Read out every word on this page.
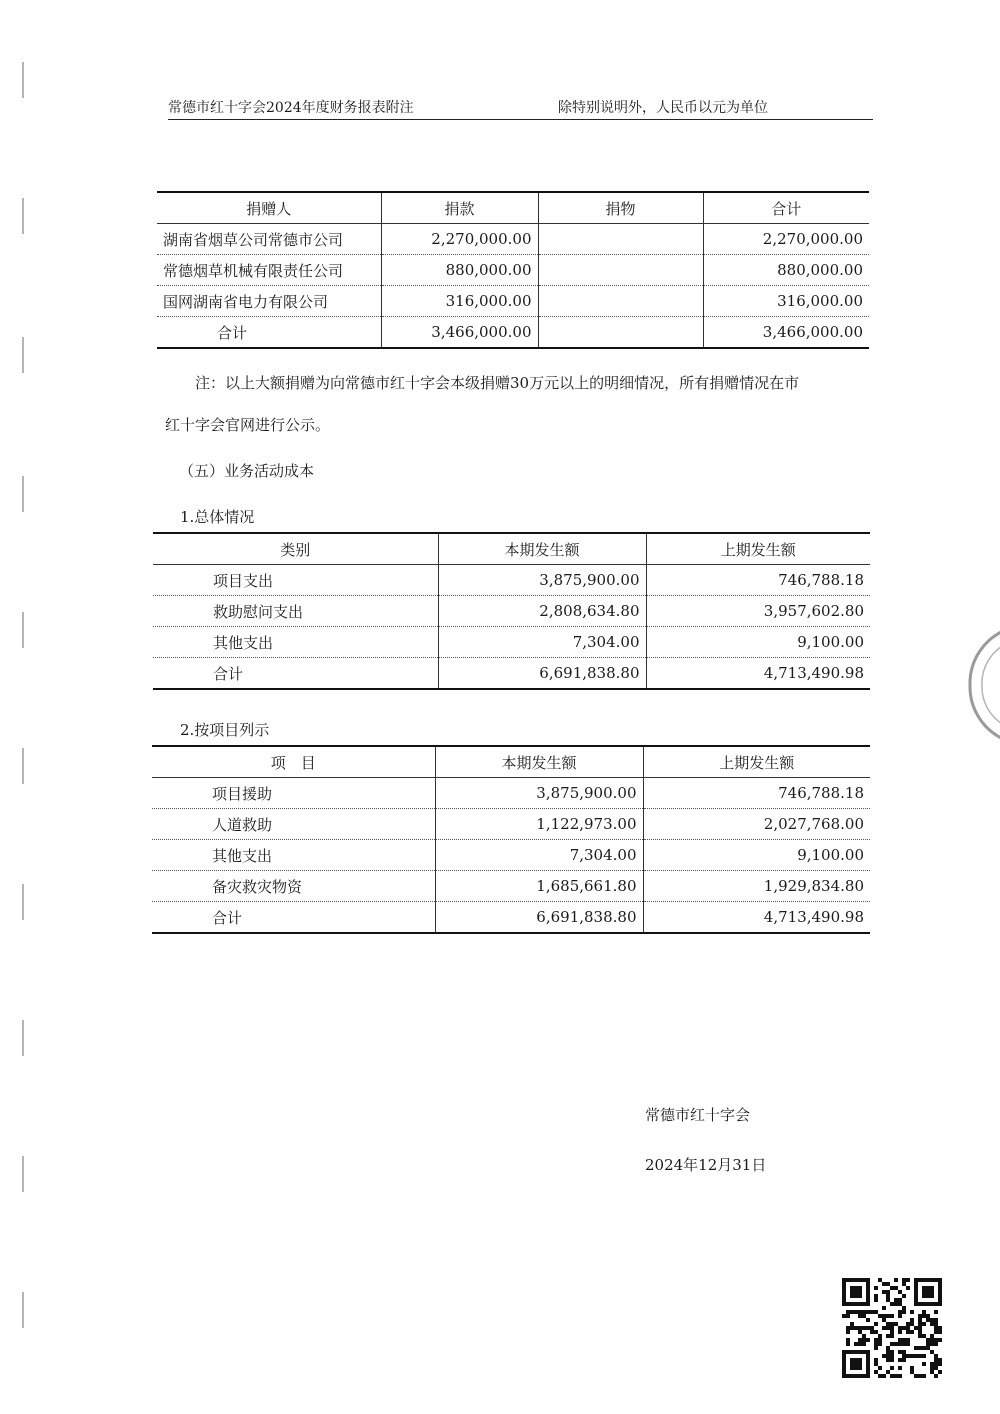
常德市红十字会2024年度财务报表附注	除特别说明外，人民币以元为单位
捐赠人	捐款	捐物	合计
湖南省烟草公司常德市公司	2,270,000.00		2,270,000.00
常德烟草机械有限责任公司	880,000.00		880,000.00
国网湖南省电力有限公司	316,000.00		316,000.00
合计	3,466,000.00		3,466,000.00
注：以上大额捐赠为向常德市红十字会本级捐赠30万元以上的明细情况，所有捐赠情况在市
红十字会官网进行公示。
（五）业务活动成本
1.总体情况
类别	本期发生额	上期发生额
项目支出	3,875,900.00	746,788.18
救助慰问支出	2,808,634.80	3,957,602.80
其他支出	7,304.00	9,100.00
合计	6,691,838.80	4,713,490.98
2.按项目列示
项　目	本期发生额	上期发生额
项目援助	3,875,900.00	746,788.18
人道救助	1,122,973.00	2,027,768.00
其他支出	7,304.00	9,100.00
备灾救灾物资	1,685,661.80	1,929,834.80
合计	6,691,838.80	4,713,490.98
常德市红十字会
2024年12月31日
